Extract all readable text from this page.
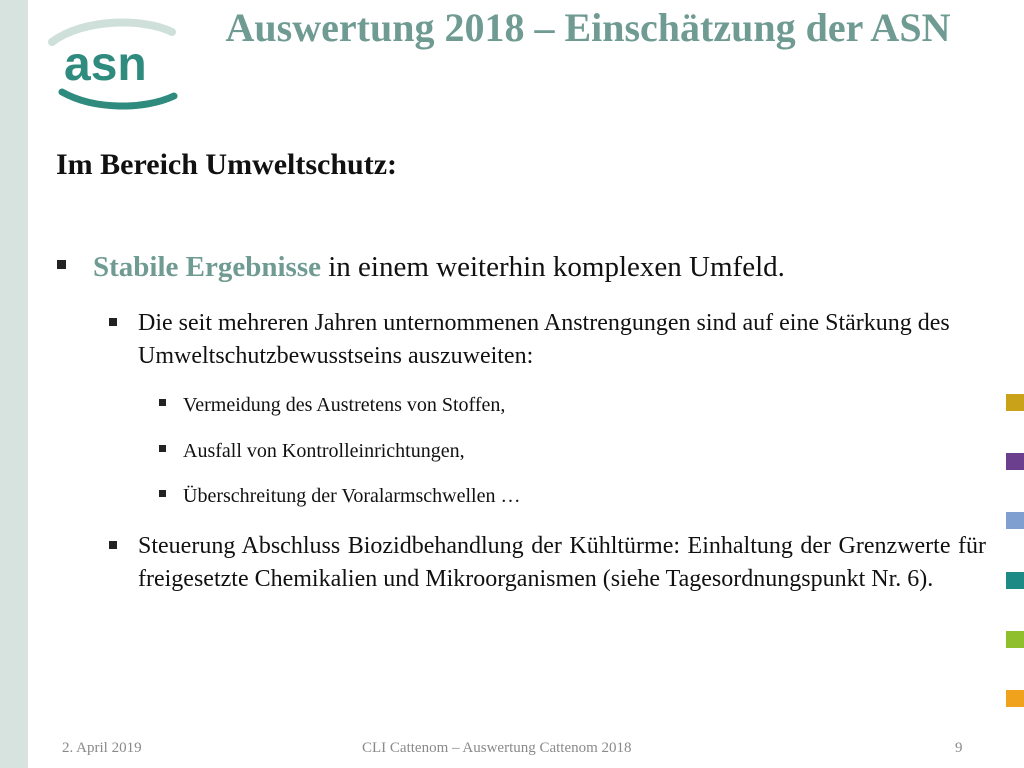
asn
Auswertung 2018 – Einschätzung der ASN
Im Bereich Umweltschutz:
Stabile Ergebnisse in einem weiterhin komplexen Umfeld.
Die seit mehreren Jahren unternommenen Anstrengungen sind auf eine Stärkung des Umweltschutzbewusstseins auszuweiten:
Vermeidung des Austretens von Stoffen,
Ausfall von Kontrolleinrichtungen,
Überschreitung der Voralarmschwellen …
Steuerung Abschluss Biozidbehandlung der Kühltürme: Einhaltung der Grenzwerte für freigesetzte Chemikalien und Mikroorganismen (siehe Tagesordnungspunkt Nr. 6).
2. April 2019	CLI Cattenom – Auswertung Cattenom 2018	9
